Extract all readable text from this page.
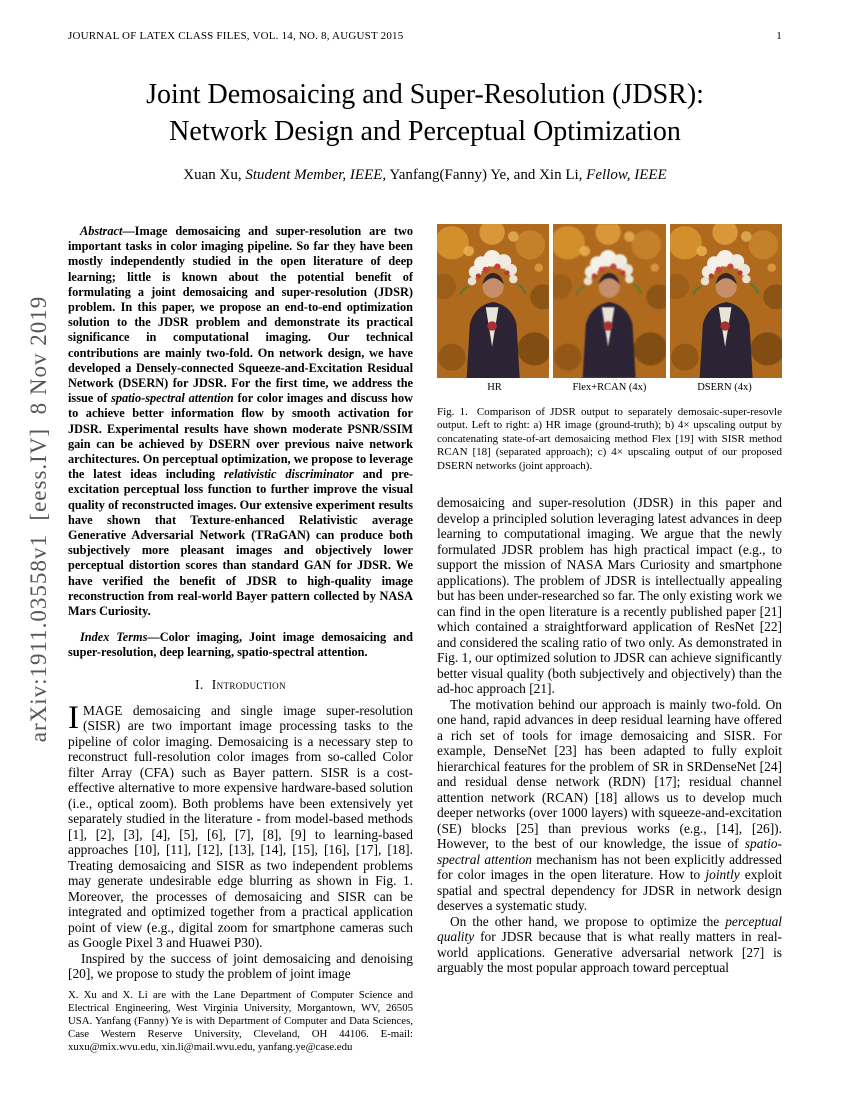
arXiv:1911.03558v1  [eess.IV]  8 Nov 2019
JOURNAL OF LATEX CLASS FILES, VOL. 14, NO. 8, AUGUST 2015	1
Joint Demosaicing and Super-Resolution (JDSR):
Network Design and Perceptual Optimization
Xuan Xu, Student Member, IEEE, Yanfang(Fanny) Ye, and Xin Li, Fellow, IEEE

Abstract—Image demosaicing and super-resolution are two important tasks in color imaging pipeline. So far they have been mostly independently studied in the open literature of deep learning; little is known about the potential benefit of formulating a joint demosaicing and super-resolution (JDSR) problem. In this paper, we propose an end-to-end optimization solution to the JDSR problem and demonstrate its practical significance in computational imaging. Our technical contributions are mainly two-fold. On network design, we have developed a Densely-connected Squeeze-and-Excitation Residual Network (DSERN) for JDSR. For the first time, we address the issue of spatio-spectral attention for color images and discuss how to achieve better information flow by smooth activation for JDSR. Experimental results have shown moderate PSNR/SSIM gain can be achieved by DSERN over previous naive network architectures. On perceptual optimization, we propose to leverage the latest ideas including relativistic discriminator and pre-excitation perceptual loss function to further improve the visual quality of reconstructed images. Our extensive experiment results have shown that Texture-enhanced Relativistic average Generative Adversarial Network (TRaGAN) can produce both subjectively more pleasant images and objectively lower perceptual distortion scores than standard GAN for JDSR. We have verified the benefit of JDSR to high-quality image reconstruction from real-world Bayer pattern collected by NASA Mars Curiosity.

Index Terms—Color imaging, Joint image demosaicing and super-resolution, deep learning, spatio-spectral attention.

I. Introduction

IMAGE demosaicing and single image super-resolution (SISR) are two important image processing tasks to the pipeline of color imaging. Demosaicing is a necessary step to reconstruct full-resolution color images from so-called Color filter Array (CFA) such as Bayer pattern. SISR is a cost-effective alternative to more expensive hardware-based solution (i.e., optical zoom). Both problems have been extensively yet separately studied in the literature - from model-based methods [1], [2], [3], [4], [5], [6], [7], [8], [9] to learning-based approaches [10], [11], [12], [13], [14], [15], [16], [17], [18]. Treating demosaicing and SISR as two independent problems may generate undesirable edge blurring as shown in Fig. 1. Moreover, the processes of demosaicing and SISR can be integrated and optimized together from a practical application point of view (e.g., digital zoom for smartphone cameras such as Google Pixel 3 and Huawei P30).

Inspired by the success of joint demosaicing and denoising [20], we propose to study the problem of joint image

X. Xu and X. Li are with the Lane Department of Computer Science and Electrical Engineering, West Virginia University, Morgantown, WV, 26505 USA. Yanfang (Fanny) Ye is with Department of Computer and Data Sciences, Case Western Reserve University, Cleveland, OH 44106. E-mail: xuxu@mix.wvu.edu, xin.li@mail.wvu.edu, yanfang.ye@case.edu
HR	Flex+RCAN (4x)	DSERN (4x)
Fig. 1. Comparison of JDSR output to separately demosaic-super-resovle output. Left to right: a) HR image (ground-truth); b) 4× upscaling output by concatenating state-of-art demosaicing method Flex [19] with SISR method RCAN [18] (separated approach); c) 4× upscaling output of our proposed DSERN networks (joint approach).

demosaicing and super-resolution (JDSR) in this paper and develop a principled solution leveraging latest advances in deep learning to computational imaging. We argue that the newly formulated JDSR problem has high practical impact (e.g., to support the mission of NASA Mars Curiosity and smartphone applications). The problem of JDSR is intellectually appealing but has been under-researched so far. The only existing work we can find in the open literature is a recently published paper [21] which contained a straightforward application of ResNet [22] and considered the scaling ratio of two only. As demonstrated in Fig. 1, our optimized solution to JDSR can achieve significantly better visual quality (both subjectively and objectively) than the ad-hoc approach [21].

The motivation behind our approach is mainly two-fold. On one hand, rapid advances in deep residual learning have offered a rich set of tools for image demosaicing and SISR. For example, DenseNet [23] has been adapted to fully exploit hierarchical features for the problem of SR in SRDenseNet [24] and residual dense network (RDN) [17]; residual channel attention network (RCAN) [18] allows us to develop much deeper networks (over 1000 layers) with squeeze-and-excitation (SE) blocks [25] than previous works (e.g., [14], [26]). However, to the best of our knowledge, the issue of spatio-spectral attention mechanism has not been explicitly addressed for color images in the open literature. How to jointly exploit spatial and spectral dependency for JDSR in network design deserves a systematic study.

On the other hand, we propose to optimize the perceptual quality for JDSR because that is what really matters in real-world applications. Generative adversarial network [27] is arguably the most popular approach toward perceptual
